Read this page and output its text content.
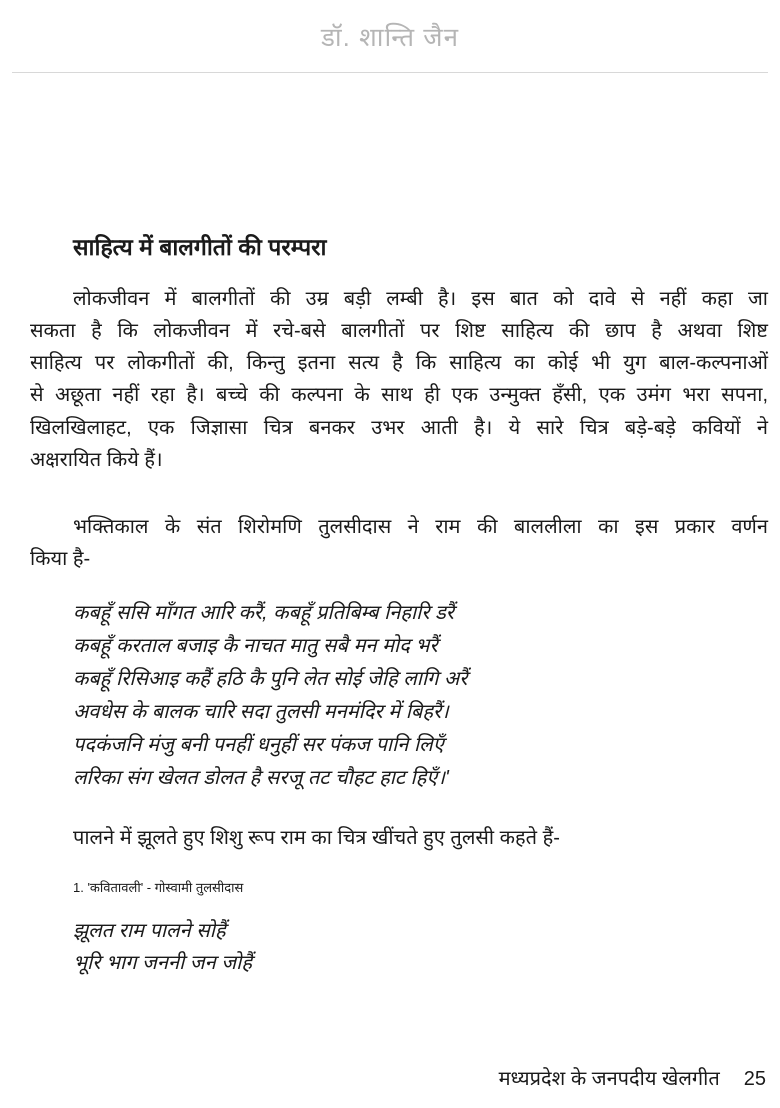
डॉ. शान्ति जैन
साहित्य में बालगीतों की परम्परा
लोकजीवन में बालगीतों की उम्र बड़ी लम्बी है। इस बात को दावे से नहीं कहा जा
सकता है कि लोकजीवन में रचे-बसे बालगीतों पर शिष्ट साहित्य की छाप है अथवा शिष्ट
साहित्य पर लोकगीतों की, किन्तु इतना सत्य है कि साहित्य का कोई भी युग बाल-कल्पनाओं
से अछूता नहीं रहा है। बच्चे की कल्पना के साथ ही एक उन्मुक्त हँसी, एक उमंग भरा सपना,
खिलखिलाहट, एक जिज्ञासा चित्र बनकर उभर आती है। ये सारे चित्र बड़े-बड़े कवियों ने
अक्षरायित किये हैं।
भक्तिकाल के संत शिरोमणि तुलसीदास ने राम की बाललीला का इस प्रकार वर्णन
किया है-
कबहूँ ससि माँगत आरि करैं, कबहूँ प्रतिबिम्ब निहारि डरैं
कबहूँ करताल बजाइ कै नाचत मातु सबै मन मोद भरैं
कबहूँ रिसिआइ कहैं हठि कै पुनि लेत सोई जेहि लागि अरैं
अवधेस के बालक चारि सदा तुलसी मनमंदिर में बिहरैं।
पदकंजनि मंजु बनी पनहीं धनुहीं सर पंकज पानि लिएँ
लरिका संग खेलत डोलत है सरजू तट चौहट हाट हिएँ।'
पालने में झूलते हुए शिशु रूप राम का चित्र खींचते हुए तुलसी कहते हैं-
1. 'कवितावली' - गोस्वामी तुलसीदास
झूलत राम पालने सोहैं
भूरि भाग जननी जन जोहैं
मध्यप्रदेश के जनपदीय खेलगीत 25
